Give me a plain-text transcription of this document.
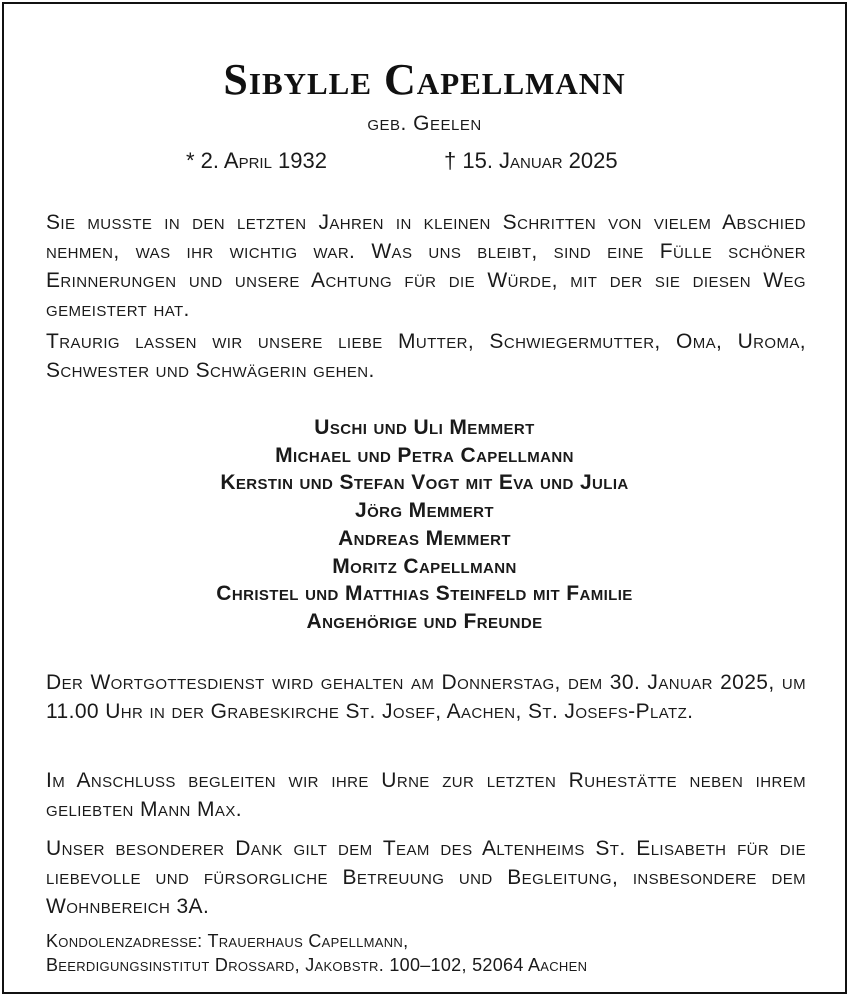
Sibylle Capellmann
geb. Geelen
* 2. April 1932	† 15. Januar 2025
Sie musste in den letzten Jahren in kleinen Schritten von vielem Abschied nehmen, was ihr wichtig war. Was uns bleibt, sind eine Fülle schöner Erinnerungen und unsere Achtung für die Würde, mit der sie diesen Weg gemeistert hat.
Traurig lassen wir unsere liebe Mutter, Schwiegermutter, Oma, Uroma, Schwester und Schwägerin gehen.
Uschi und Uli Memmert
Michael und Petra Capellmann
Kerstin und Stefan Vogt mit Eva und Julia
Jörg Memmert
Andreas Memmert
Moritz Capellmann
Christel und Matthias Steinfeld mit Familie
Angehörige und Freunde
Der Wortgottesdienst wird gehalten am Donnerstag, dem 30. Januar 2025, um 11.00 Uhr in der Grabeskirche St. Josef, Aachen, St. Josefs-Platz.
Im Anschluss begleiten wir ihre Urne zur letzten Ruhestätte neben ihrem geliebten Mann Max.
Unser besonderer Dank gilt dem Team des Altenheims St. Elisabeth für die liebevolle und fürsorgliche Betreuung und Begleitung, insbesondere dem Wohnbereich 3A.
Kondolenzadresse: Trauerhaus Capellmann,
Beerdigungsinstitut Drossard, Jakobstr. 100–102, 52064 Aachen
